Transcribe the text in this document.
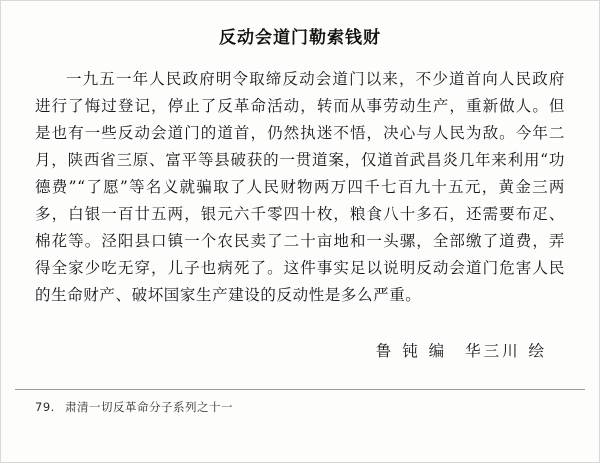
反动会道门勒索钱财

一九五一年人民政府明令取缔反动会道门以来，不少道首向人民政府进行了悔过登记，停止了反革命活动，转而从事劳动生产，重新做人。但是也有一些反动会道门的道首，仍然执迷不悟，决心与人民为敌。今年二月，陕西省三原、富平等县破获的一贯道案，仅道首武昌炎几年来利用“功德费”“了愿”等名义就骗取了人民财物两万四千七百九十五元，黄金三两多，白银一百廿五两，银元六千零四十枚，粮食八十多石，还需要布疋、棉花等。泾阳县口镇一个农民卖了二十亩地和一头骡，全部缴了道费，弄得全家少吃无穿，儿子也病死了。这件事实足以说明反动会道门危害人民的生命财产、破坏国家生产建设的反动性是多么严重。

鲁 钝 编 华三川 绘
79. 肃清一切反革命分子系列之十一
